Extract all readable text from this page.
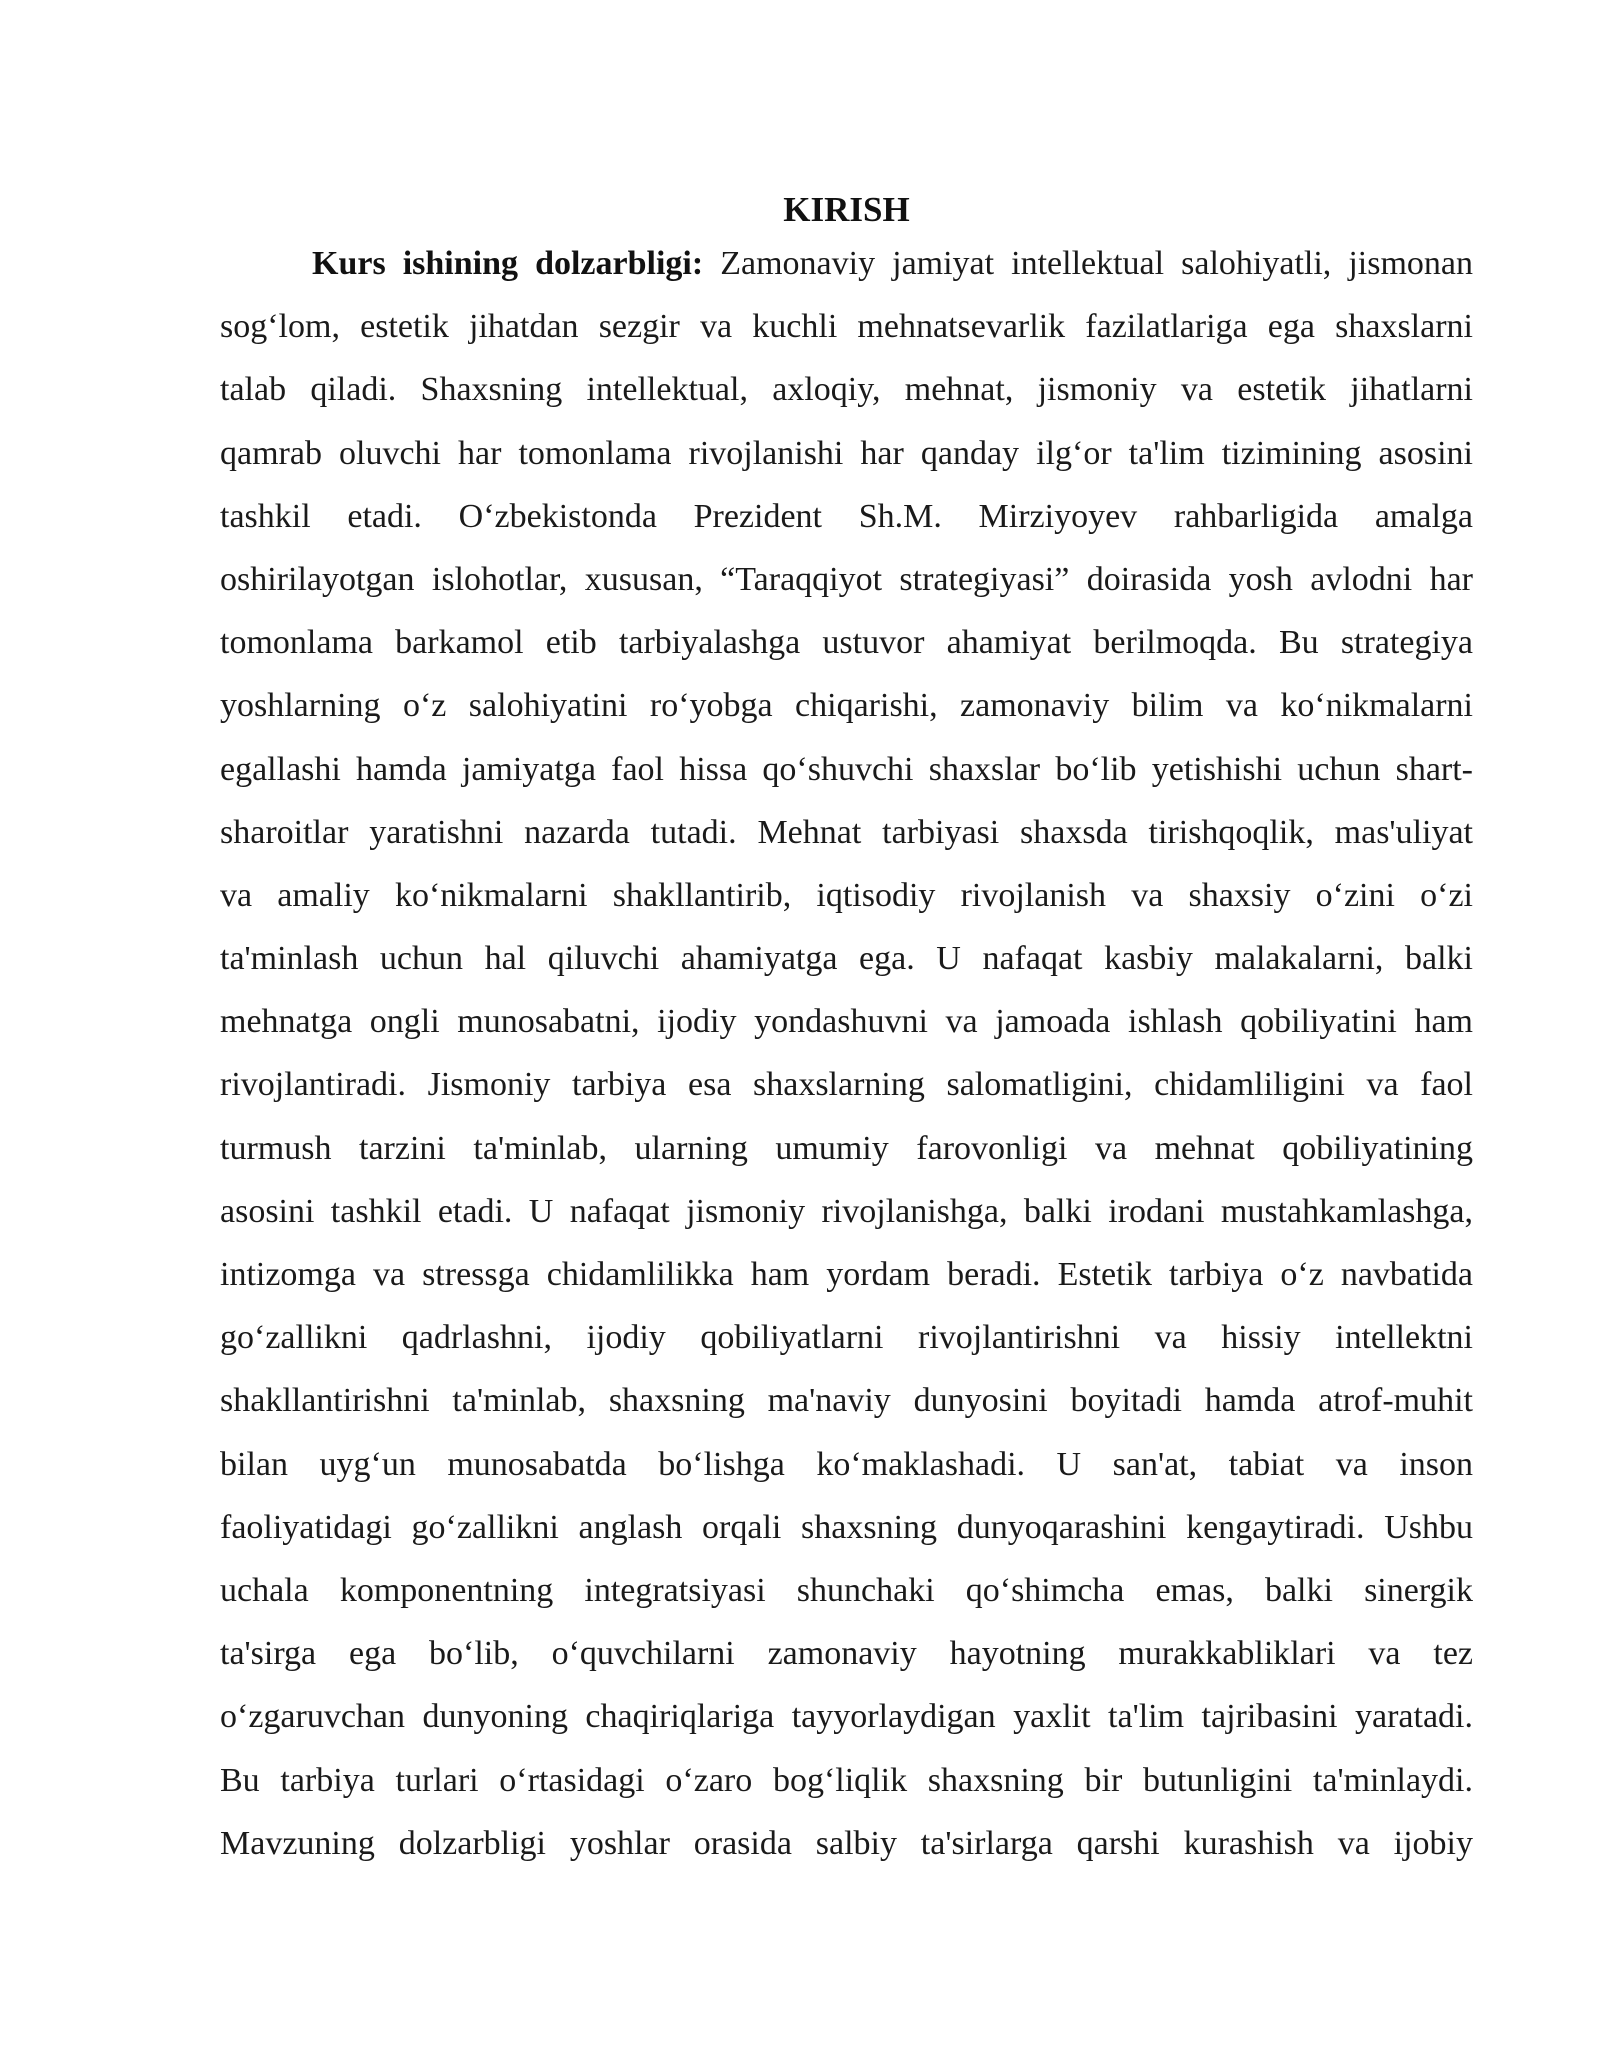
KIRISH
Kurs ishining dolzarbligi: Zamonaviy jamiyat intellektual salohiyatli, jismonan
sog‘lom, estetik jihatdan sezgir va kuchli mehnatsevarlik fazilatlariga ega shaxslarni
talab qiladi. Shaxsning intellektual, axloqiy, mehnat, jismoniy va estetik jihatlarni
qamrab oluvchi har tomonlama rivojlanishi har qanday ilg‘or ta'lim tizimining asosini
tashkil etadi. O‘zbekistonda Prezident Sh.M. Mirziyoyev rahbarligida amalga
oshirilayotgan islohotlar, xususan, “Taraqqiyot strategiyasi” doirasida yosh avlodni har
tomonlama barkamol etib tarbiyalashga ustuvor ahamiyat berilmoqda. Bu strategiya
yoshlarning o‘z salohiyatini ro‘yobga chiqarishi, zamonaviy bilim va ko‘nikmalarni
egallashi hamda jamiyatga faol hissa qo‘shuvchi shaxslar bo‘lib yetishishi uchun shart-
sharoitlar yaratishni nazarda tutadi. Mehnat tarbiyasi shaxsda tirishqoqlik, mas'uliyat
va amaliy ko‘nikmalarni shakllantirib, iqtisodiy rivojlanish va shaxsiy o‘zini o‘zi
ta'minlash uchun hal qiluvchi ahamiyatga ega. U nafaqat kasbiy malakalarni, balki
mehnatga ongli munosabatni, ijodiy yondashuvni va jamoada ishlash qobiliyatini ham
rivojlantiradi. Jismoniy tarbiya esa shaxslarning salomatligini, chidamliligini va faol
turmush tarzini ta'minlab, ularning umumiy farovonligi va mehnat qobiliyatining
asosini tashkil etadi. U nafaqat jismoniy rivojlanishga, balki irodani mustahkamlashga,
intizomga va stressga chidamlilikka ham yordam beradi. Estetik tarbiya o‘z navbatida
go‘zallikni qadrlashni, ijodiy qobiliyatlarni rivojlantirishni va hissiy intellektni
shakllantirishni ta'minlab, shaxsning ma'naviy dunyosini boyitadi hamda atrof-muhit
bilan uyg‘un munosabatda bo‘lishga ko‘maklashadi. U san'at, tabiat va inson
faoliyatidagi go‘zallikni anglash orqali shaxsning dunyoqarashini kengaytiradi. Ushbu
uchala komponentning integratsiyasi shunchaki qo‘shimcha emas, balki sinergik
ta'sirga ega bo‘lib, o‘quvchilarni zamonaviy hayotning murakkabliklari va tez
o‘zgaruvchan dunyoning chaqiriqlariga tayyorlaydigan yaxlit ta'lim tajribasini yaratadi.
Bu tarbiya turlari o‘rtasidagi o‘zaro bog‘liqlik shaxsning bir butunligini ta'minlaydi.
Mavzuning dolzarbligi yoshlar orasida salbiy ta'sirlarga qarshi kurashish va ijobiy
